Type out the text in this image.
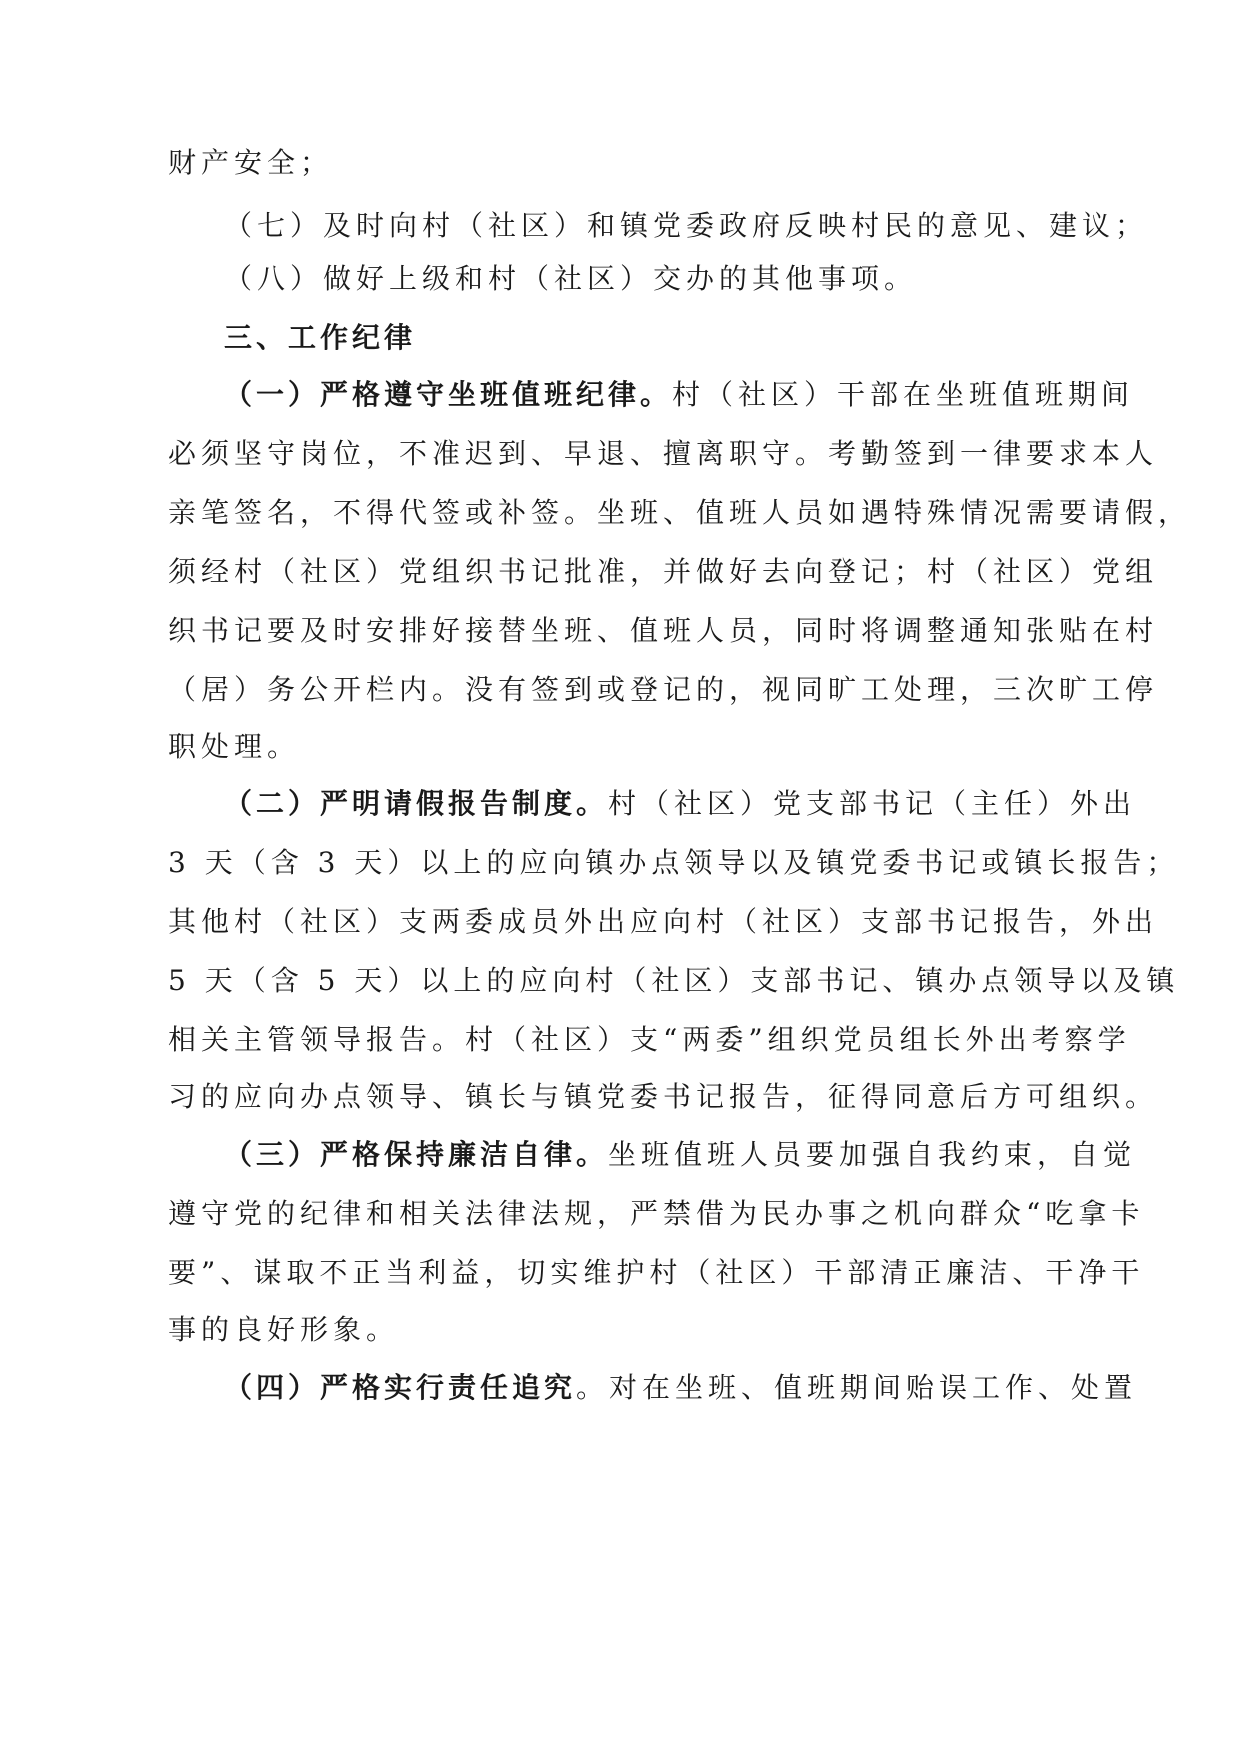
财产安全；
（七）及时向村（社区）和镇党委政府反映村民的意见、建议；
（八）做好上级和村（社区）交办的其他事项。
三、工作纪律
（一）严格遵守坐班值班纪律。村（社区）干部在坐班值班期间
必须坚守岗位，不准迟到、早退、擅离职守。考勤签到一律要求本人
亲笔签名，不得代签或补签。坐班、值班人员如遇特殊情况需要请假，
须经村（社区）党组织书记批准，并做好去向登记；村（社区）党组
织书记要及时安排好接替坐班、值班人员，同时将调整通知张贴在村
（居）务公开栏内。没有签到或登记的，视同旷工处理，三次旷工停
职处理。
（二）严明请假报告制度。村（社区）党支部书记（主任）外出
3 天（含 3 天）以上的应向镇办点领导以及镇党委书记或镇长报告；
其他村（社区）支两委成员外出应向村（社区）支部书记报告，外出
5 天（含 5 天）以上的应向村（社区）支部书记、镇办点领导以及镇
相关主管领导报告。村（社区）支“两委”组织党员组长外出考察学
习的应向办点领导、镇长与镇党委书记报告，征得同意后方可组织。
（三）严格保持廉洁自律。坐班值班人员要加强自我约束，自觉
遵守党的纪律和相关法律法规，严禁借为民办事之机向群众“吃拿卡
要”、谋取不正当利益，切实维护村（社区）干部清正廉洁、干净干
事的良好形象。
（四）严格实行责任追究。对在坐班、值班期间贻误工作、处置
